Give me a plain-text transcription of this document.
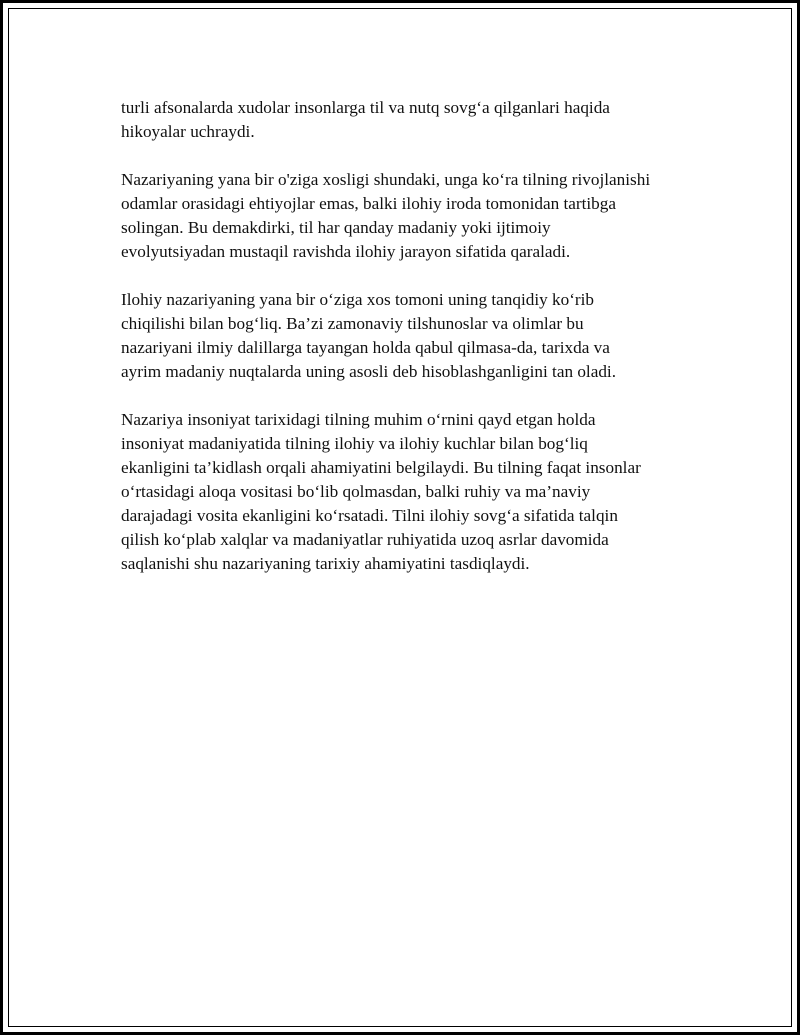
turli afsonalarda xudolar insonlarga til va nutq sovg‘a qilganlari haqida
hikoyalar uchraydi.

Nazariyaning yana bir o'ziga xosligi shundaki, unga ko‘ra tilning rivojlanishi
odamlar orasidagi ehtiyojlar emas, balki ilohiy iroda tomonidan tartibga
solingan. Bu demakdirki, til har qanday madaniy yoki ijtimoiy
evolyutsiyadan mustaqil ravishda ilohiy jarayon sifatida qaraladi.

Ilohiy nazariyaning yana bir o‘ziga xos tomoni uning tanqidiy ko‘rib
chiqilishi bilan bog‘liq. Ba’zi zamonaviy tilshunoslar va olimlar bu
nazariyani ilmiy dalillarga tayangan holda qabul qilmasa-da, tarixda va
ayrim madaniy nuqtalarda uning asosli deb hisoblashganligini tan oladi.

Nazariya insoniyat tarixidagi tilning muhim o‘rnini qayd etgan holda
insoniyat madaniyatida tilning ilohiy va ilohiy kuchlar bilan bog‘liq
ekanligini ta’kidlash orqali ahamiyatini belgilaydi. Bu tilning faqat insonlar
o‘rtasidagi aloqa vositasi bo‘lib qolmasdan, balki ruhiy va ma’naviy
darajadagi vosita ekanligini ko‘rsatadi. Tilni ilohiy sovg‘a sifatida talqin
qilish ko‘plab xalqlar va madaniyatlar ruhiyatida uzoq asrlar davomida
saqlanishi shu nazariyaning tarixiy ahamiyatini tasdiqlaydi.
